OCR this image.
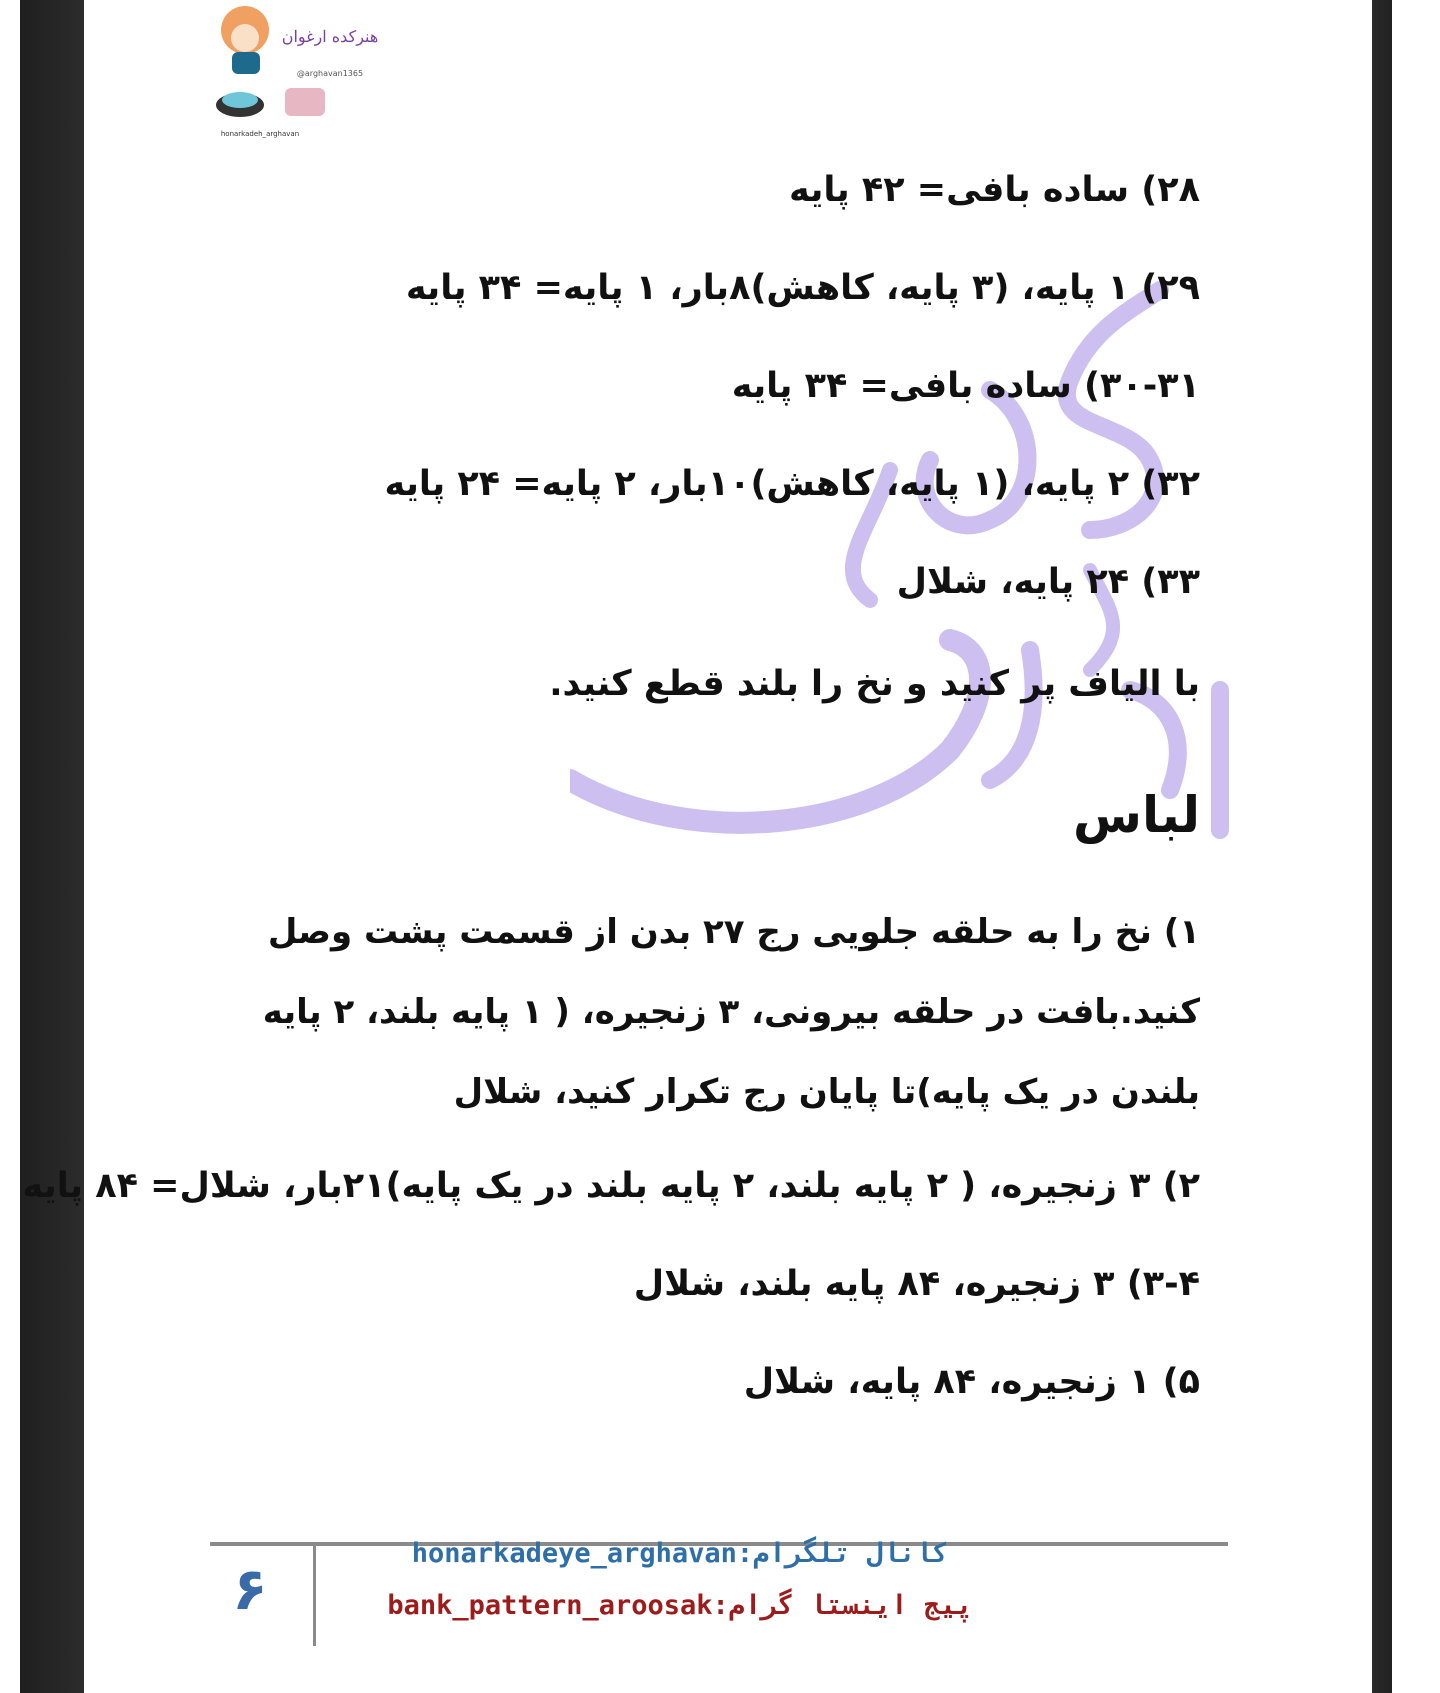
هنرکده ارغوان
@arghavan1365
honarkadeh_arghavan
۲۸) ساده بافی= ۴۲ پایه
۲۹) ۱ پایه، (۳ پایه، کاهش)۸بار، ۱ پایه= ۳۴ پایه
۳۰-۳۱) ساده بافی= ۳۴ پایه
۳۲) ۲ پایه، (۱ پایه، کاهش)۱۰بار، ۲ پایه= ۲۴ پایه
۳۳) ۲۴ پایه، شلال
با الیاف پر کنید و نخ را بلند قطع کنید.
لباس
۱) نخ را به حلقه جلویی رج ۲۷ بدن از قسمت پشت وصل کنید.بافت در حلقه بیرونی، ۳ زنجیره، ( ۱ پایه بلند، ۲ پایه بلندن در یک پایه)تا پایان رج تکرار کنید، شلال
۲) ۳ زنجیره، ( ۲ پایه بلند، ۲ پایه بلند در یک پایه)۲۱بار، شلال= ۸۴ پایه
۳-۴) ۳ زنجیره، ۸۴ پایه بلند، شلال
۵) ۱ زنجیره، ۸۴ پایه، شلال
۶
کانال تلگرام:honarkadeye_arghavan
پیج اینستا گرام:bank_pattern_aroosak
